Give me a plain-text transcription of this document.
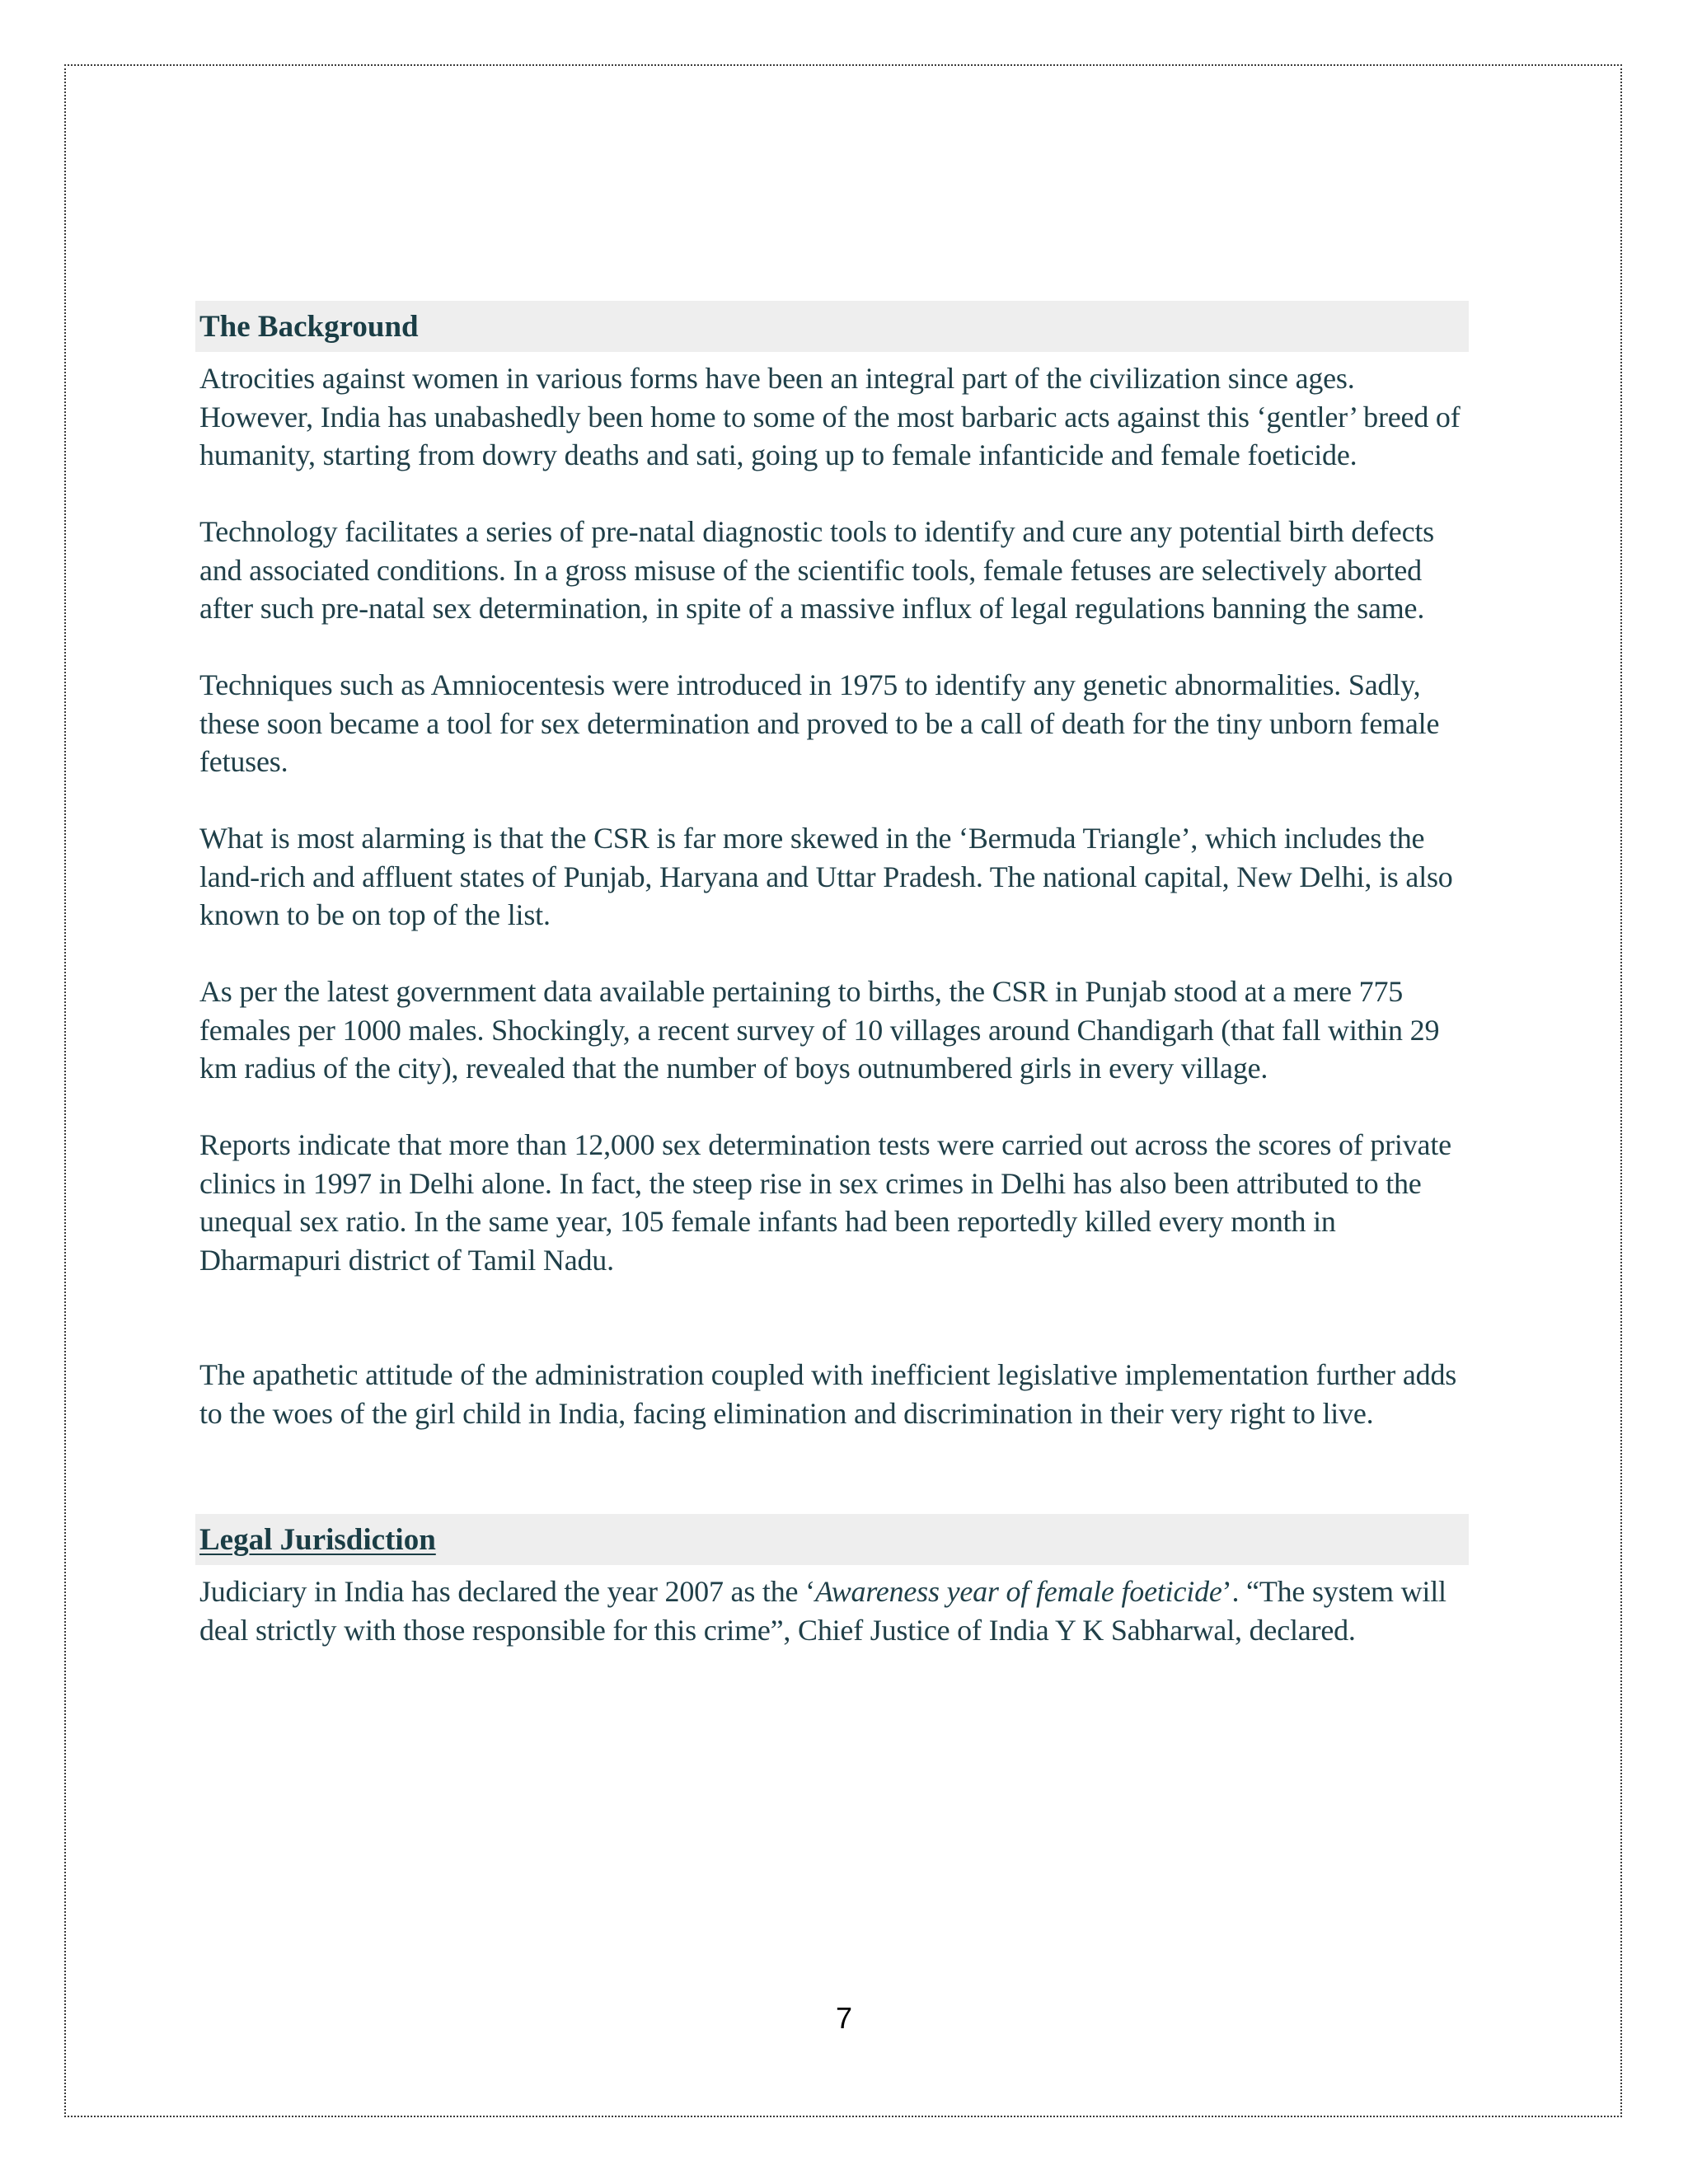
The Background

Atrocities against women in various forms have been an integral part of the civilization since ages. However, India has unabashedly been home to some of the most barbaric acts against this ‘gentler’ breed of humanity, starting from dowry deaths and sati, going up to female infanticide and female foeticide.

Technology facilitates a series of pre-natal diagnostic tools to identify and cure any potential birth defects and associated conditions. In a gross misuse of the scientific tools, female fetuses are selectively aborted after such pre-natal sex determination, in spite of a massive influx of legal regulations banning the same.

Techniques such as Amniocentesis were introduced in 1975 to identify any genetic abnormalities. Sadly, these soon became a tool for sex determination and proved to be a call of death for the tiny unborn female fetuses.

What is most alarming is that the CSR is far more skewed in the ‘Bermuda Triangle’, which includes the land-rich and affluent states of Punjab, Haryana and Uttar Pradesh. The national capital, New Delhi, is also known to be on top of the list.

As per the latest government data available pertaining to births, the CSR in Punjab stood at a mere 775 females per 1000 males. Shockingly, a recent survey of 10 villages around Chandigarh (that fall within 29 km radius of the city), revealed that the number of boys outnumbered girls in every village.

Reports indicate that more than 12,000 sex determination tests were carried out across the scores of private clinics in 1997 in Delhi alone. In fact, the steep rise in sex crimes in Delhi has also been attributed to the unequal sex ratio. In the same year, 105 female infants had been reportedly killed every month in Dharmapuri district of Tamil Nadu.

The apathetic attitude of the administration coupled with inefficient legislative implementation further adds to the woes of the girl child in India, facing elimination and discrimination in their very right to live.

Legal Jurisdiction

Judiciary in India has declared the year 2007 as the ‘Awareness year of female foeticide’. “The system will deal strictly with those responsible for this crime”, Chief Justice of India Y K Sabharwal, declared.

7
